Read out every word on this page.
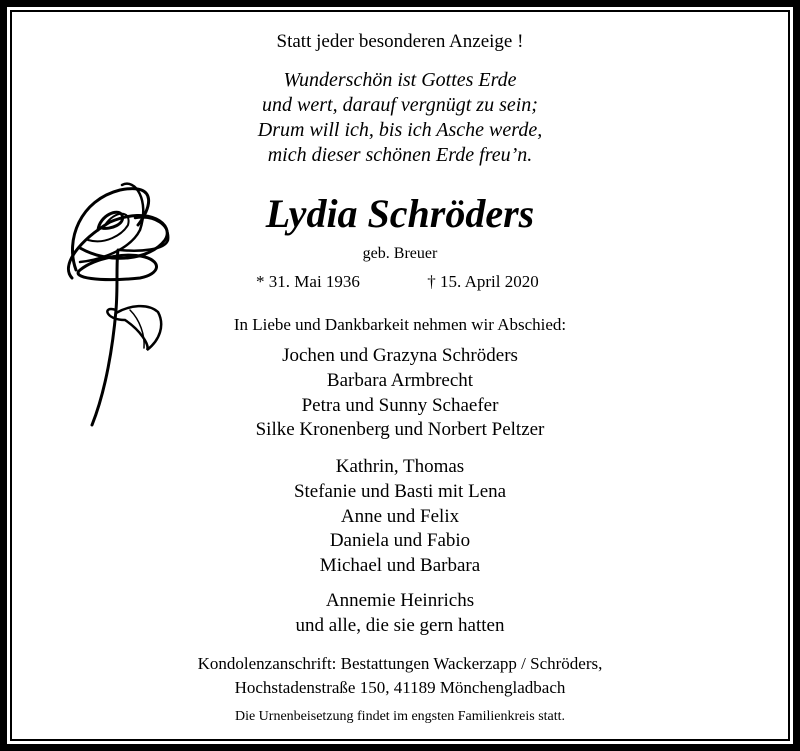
Statt jeder besonderen Anzeige !
Wunderschön ist Gottes Erde
und wert, darauf vergnügt zu sein;
Drum will ich, bis ich Asche werde,
mich dieser schönen Erde freu’n.
Lydia Schröders
geb. Breuer
* 31. Mai 1936	† 15. April 2020
In Liebe und Dankbarkeit nehmen wir Abschied:
Jochen und Grazyna Schröders
Barbara Armbrecht
Petra und Sunny Schaefer
Silke Kronenberg und Norbert Peltzer
Kathrin, Thomas
Stefanie und Basti mit Lena
Anne und Felix
Daniela und Fabio
Michael und Barbara
Annemie Heinrichs
und alle, die sie gern hatten
Kondolenzanschrift: Bestattungen Wackerzapp / Schröders,
Hochstadenstraße 150, 41189 Mönchengladbach
Die Urnenbeisetzung findet im engsten Familienkreis statt.
